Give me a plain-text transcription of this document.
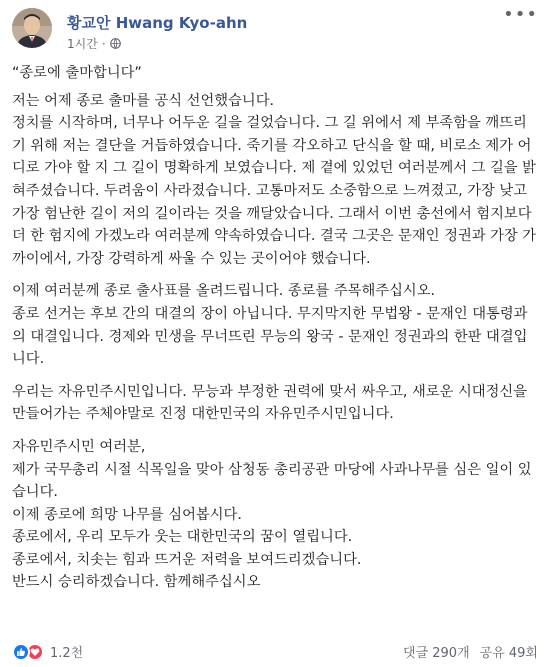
황교안 Hwang Kyo-ahn
1시간 ·
•••

“종로에 출마합니다”

저는 어제 종로 출마를 공식 선언했습니다.

정치를 시작하며, 너무나 어두운 길을 걸었습니다. 그 길 위에서 제 부족함을 깨뜨리기 위해 저는 결단을 거듭하였습니다. 죽기를 각오하고 단식을 할 때, 비로소 제가 어디로 가야 할 지 그 길이 명확하게 보였습니다. 제 곁에 있었던 여러분께서 그 길을 밝혀주셨습니다. 두려움이 사라졌습니다. 고통마저도 소중함으로 느껴졌고, 가장 낮고 가장 험난한 길이 저의 길이라는 것을 깨달았습니다. 그래서 이번 총선에서 험지보다 더 한 험지에 가겠노라 여러분께 약속하였습니다. 결국 그곳은 문재인 정권과 가장 가까이에서, 가장 강력하게 싸울 수 있는 곳이어야 했습니다.

이제 여러분께 종로 출사표를 올려드립니다. 종로를 주목해주십시오.

종로 선거는 후보 간의 대결의 장이 아닙니다. 무지막지한 무법왕 - 문재인 대통령과의 대결입니다. 경제와 민생을 무너뜨린 무능의 왕국 - 문재인 정권과의 한판 대결입니다.

우리는 자유민주시민입니다. 무능과 부정한 권력에 맞서 싸우고, 새로운 시대정신을 만들어가는 주체야말로 진정 대한민국의 자유민주시민입니다.

자유민주시민 여러분,

제가 국무총리 시절 식목일을 맞아 삼청동 총리공관 마당에 사과나무를 심은 일이 있습니다.

이제 종로에 희망 나무를 심어봅시다.

종로에서, 우리 모두가 웃는 대한민국의 꿈이 열립니다.

종로에서, 치솟는 힘과 뜨거운 저력을 보여드리겠습니다.

반드시 승리하겠습니다. 함께해주십시오

1.2천	댓글 290개 공유 49회
